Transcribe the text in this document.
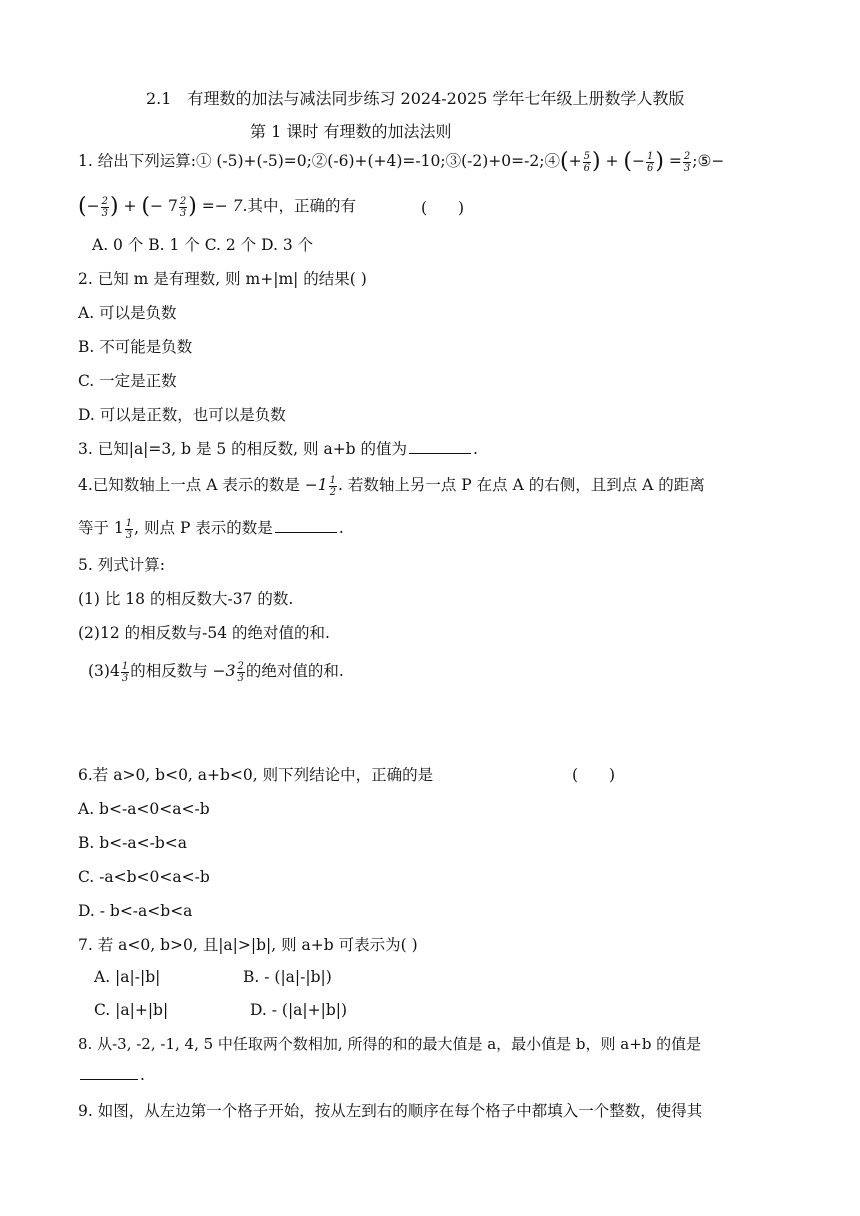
2.1　有理数的加法与减法同步练习 2024-2025 学年七年级上册数学人教版
第 1 课时 有理数的加法法则
1. 给出下列运算:① (-5)+(-5)=0;②(-6)+(+4)=-10;③(-2)+0=-2;④(+ $\frac{5}{6}$ ) + (− $\frac{1}{6}$ ) = $\frac{2}{3}$ ;⑤−
(− $\frac{2}{3}$ ) + (− $7 \frac{2}{3}$ ) =− 7.其中，正确的有	(　　)
A. 0 个 B. 1 个 C. 2 个 D. 3 个
2. 已知 m 是有理数, 则 m+|m| 的结果( )
A. 可以是负数
B. 不可能是负数
C. 一定是正数
D. 可以是正数，也可以是负数
3. 已知|a|=3, b 是 5 的相反数, 则 a+b 的值为	.
4.已知数轴上一点 A 表示的数是 $-1 \frac{1}{2}$ . 若数轴上另一点 P 在点 A 的右侧，且到点 A 的距离
等于 $1 \frac{1}{3}$ , 则点 P 表示的数是	.
5. 列式计算:
(1) 比 18 的相反数大-37 的数.
(2)12 的相反数与-54 的绝对值的和.
$(3)4 \frac{1}{3}$ 的相反数与 $-3 \frac{2}{3}$ 的绝对值的和.
6.若 a>0, b<0, a+b<0, 则下列结论中，正确的是	(　　)
A. b<-a<0<a<-b
B. b<-a<-b<a
C. -a<b<0<a<-b
D. - b<-a<b<a
7. 若 a<0, b>0, 且|a|>|b|, 则 a+b 可表示为( )
A. |a|-|b|	B. - (|a|-|b|)
C. |a|+|b|	D. - (|a|+|b|)
8. 从-3, -2, -1, 4, 5 中任取两个数相加, 所得的和的最大值是 a，最小值是 b，则 a+b 的值是
.
9. 如图，从左边第一个格子开始，按从左到右的顺序在每个格子中都填入一个整数，使得其
